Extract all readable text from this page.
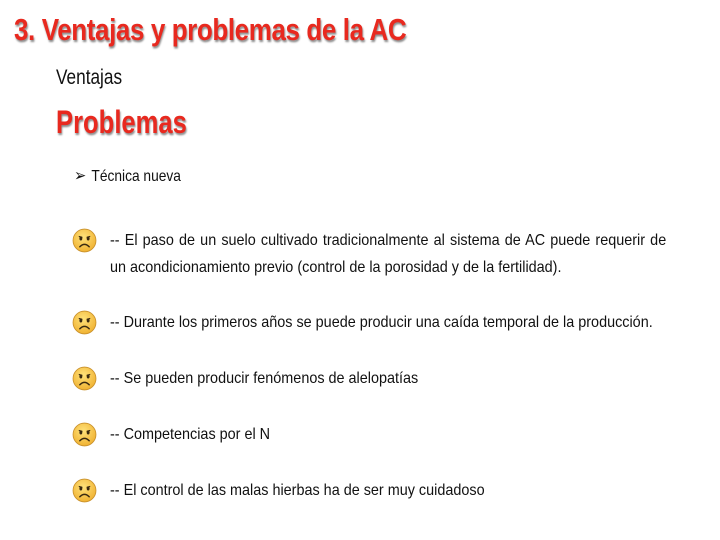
3. Ventajas y problemas de la AC
Ventajas
Problemas
➢ Técnica nueva
-- El paso de un suelo cultivado tradicionalmente al sistema de AC puede requerir de un acondicionamiento previo (control de la porosidad y de la fertilidad).
-- Durante los primeros años se puede producir una caída temporal de la producción.
-- Se pueden producir fenómenos de alelopatías
-- Competencias por el N
-- El control de las malas hierbas ha de ser muy cuidadoso
